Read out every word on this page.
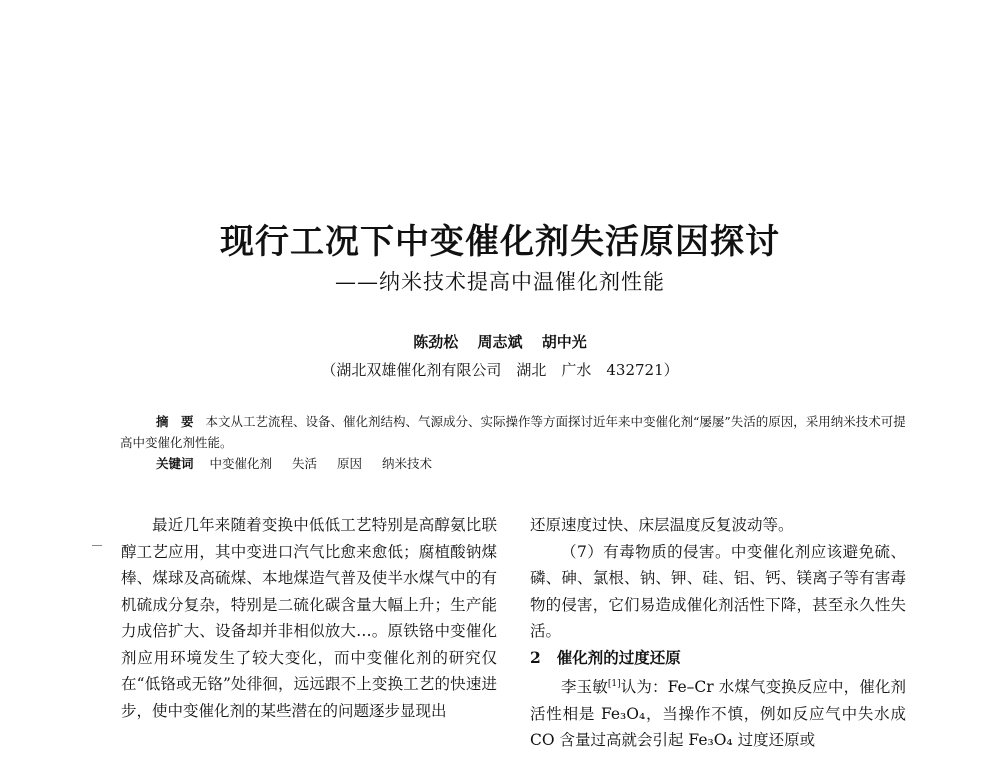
现行工况下中变催化剂失活原因探讨
——纳米技术提高中温催化剂性能
陈劲松 周志斌 胡中光
（湖北双雄催化剂有限公司　湖北　广水　432721）
摘　要 本文从工艺流程、设备、催化剂结构、气源成分、实际操作等方面探讨近年来中变催化剂“屡屡”失活的原因，采用纳米技术可提高中变催化剂性能。
关键词 中变催化剂 失活 原因 纳米技术

最近几年来随着变换中低低工艺特别是高醇氨比联醇工艺应用，其中变进口汽气比愈来愈低；腐植酸钠煤棒、煤球及高硫煤、本地煤造气普及使半水煤气中的有机硫成分复杂，特别是二硫化碳含量大幅上升；生产能力成倍扩大、设备却并非相似放大…。原铁铬中变催化剂应用环境发生了较大变化，而中变催化剂的研究仅在“低铬或无铬”处徘徊，远远跟不上变换工艺的快速进步，使中变催化剂的某些潜在的问题逐步显现出

还原速度过快、床层温度反复波动等。

（7）有毒物质的侵害。中变催化剂应该避免硫、磷、砷、氯根、钠、钾、硅、铝、钙、镁离子等有害毒物的侵害，它们易造成催化剂活性下降，甚至永久性失活。

2 催化剂的过度还原

李玉敏[1]认为：Fe–Cr 水煤气变换反应中，催化剂活性相是 Fe₃O₄，当操作不慎，例如反应气中失水成 CO 含量过高就会引起 Fe₃O₄ 过度还原或
